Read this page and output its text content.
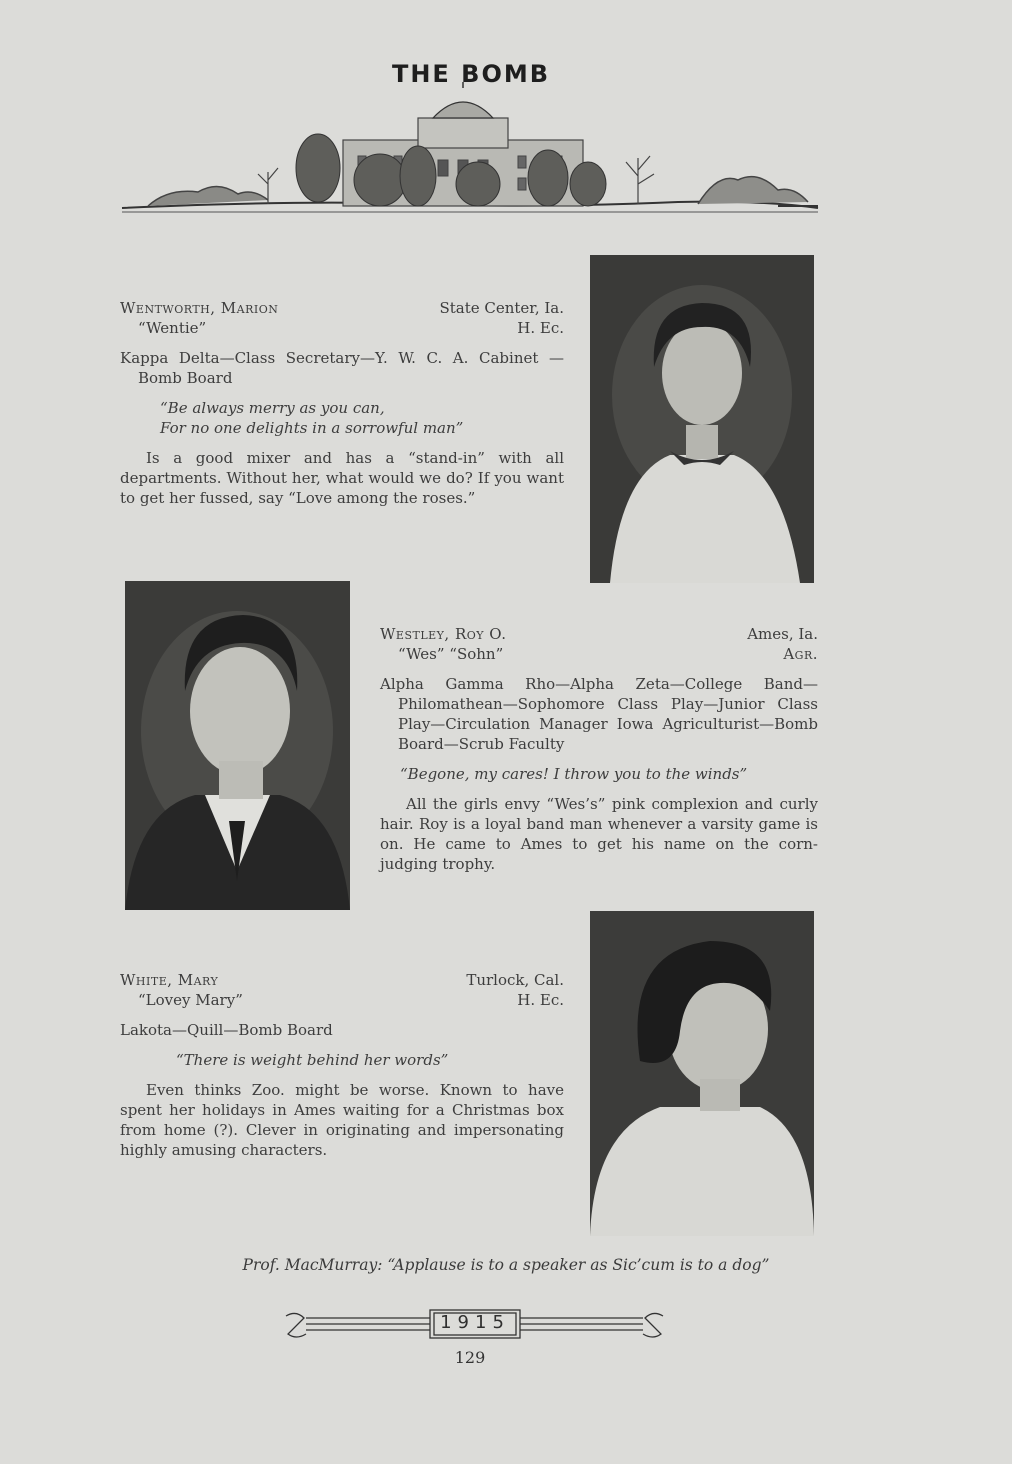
THE BOMB
Wentworth, Marion	State Center, Ia.
“Wentie”	H. Ec.
Kappa Delta—Class Secretary—Y. W. C. A. Cabinet —Bomb Board
“Be always merry as you can,
For no one delights in a sorrowful man”
Is a good mixer and has a “stand-in” with all departments. Without her, what would we do? If you want to get her fussed, say “Love among the roses.”
Westley, Roy O.	Ames, Ia.
“Wes” “Sohn”	Agr.
Alpha Gamma Rho—Alpha Zeta—College Band—Philomathean—Sophomore Class Play—Junior Class Play—Circulation Manager Iowa Agriculturist—Bomb Board—Scrub Faculty
“Begone, my cares! I throw you to the winds”
All the girls envy “Wes’s” pink complexion and curly hair. Roy is a loyal band man whenever a varsity game is on. He came to Ames to get his name on the corn-judging trophy.
White, Mary	Turlock, Cal.
“Lovey Mary”	H. Ec.
Lakota—Quill—Bomb Board
“There is weight behind her words”
Even thinks Zoo. might be worse. Known to have spent her holidays in Ames waiting for a Christmas box from home (?). Clever in originating and impersonating highly amusing characters.
Prof. MacMurray: “Applause is to a speaker as Sic’cum is to a dog”
1915
129
